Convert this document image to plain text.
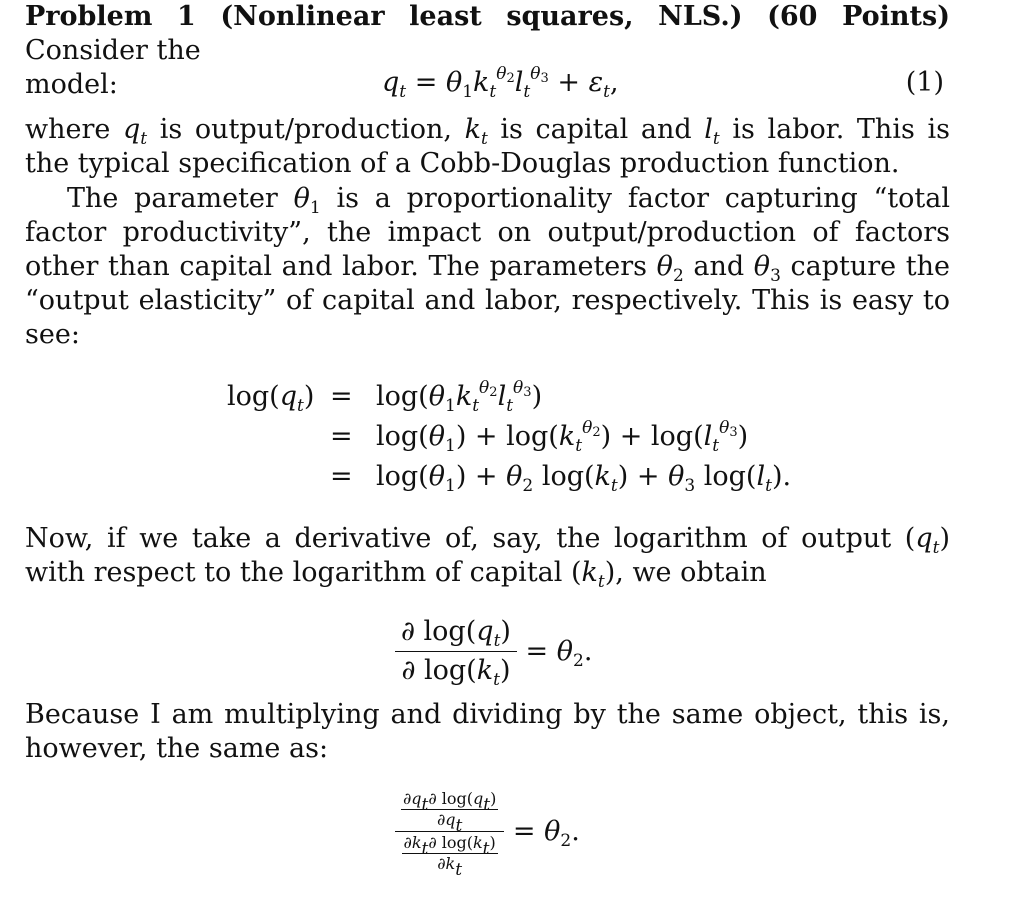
Problem 1 (Nonlinear least squares, NLS.) (60 Points) Consider the
model:	$q_t = \theta_1k_t^{\theta_2}l_t^{\theta_3} + \varepsilon_t$,	(1)

where $q_t$ is output/production, $k_t$ is capital and $l_t$ is labor. This is the typical specification of a Cobb-Douglas production function.

The parameter $\theta_1$ is a proportionality factor capturing “total factor productivity”, the impact on output/production of factors other than capital and labor. The parameters $\theta_2$ and $\theta_3$ capture the “output elasticity” of capital and labor, respectively. This is easy to see:

$\log(q_t) = \log(\theta_1k_t^{\theta_2}l_t^{\theta_3})$
= $\log(\theta_1) + \log(k_t^{\theta_2}) + \log(l_t^{\theta_3})$
= $\log(\theta_1) + \theta_2$ $\log(k_t) + \theta_3$ $\log(l_t)$.

Now, if we take a derivative of, say, the logarithm of output $(q_t)$ with respect to the logarithm of capital $(k_t)$, we obtain

$\frac{\partial \log(q_t)}{\partial \log(k_t)} = \theta_2$.

Because I am multiplying and dividing by the same object, this is, however, the same as:

$\frac{\frac{\partial q_t\partial \log(q_t)}{\partial q_t}}{\frac{\partial k_t\partial \log(k_t)}{\partial k_t}} = \theta_2$.
